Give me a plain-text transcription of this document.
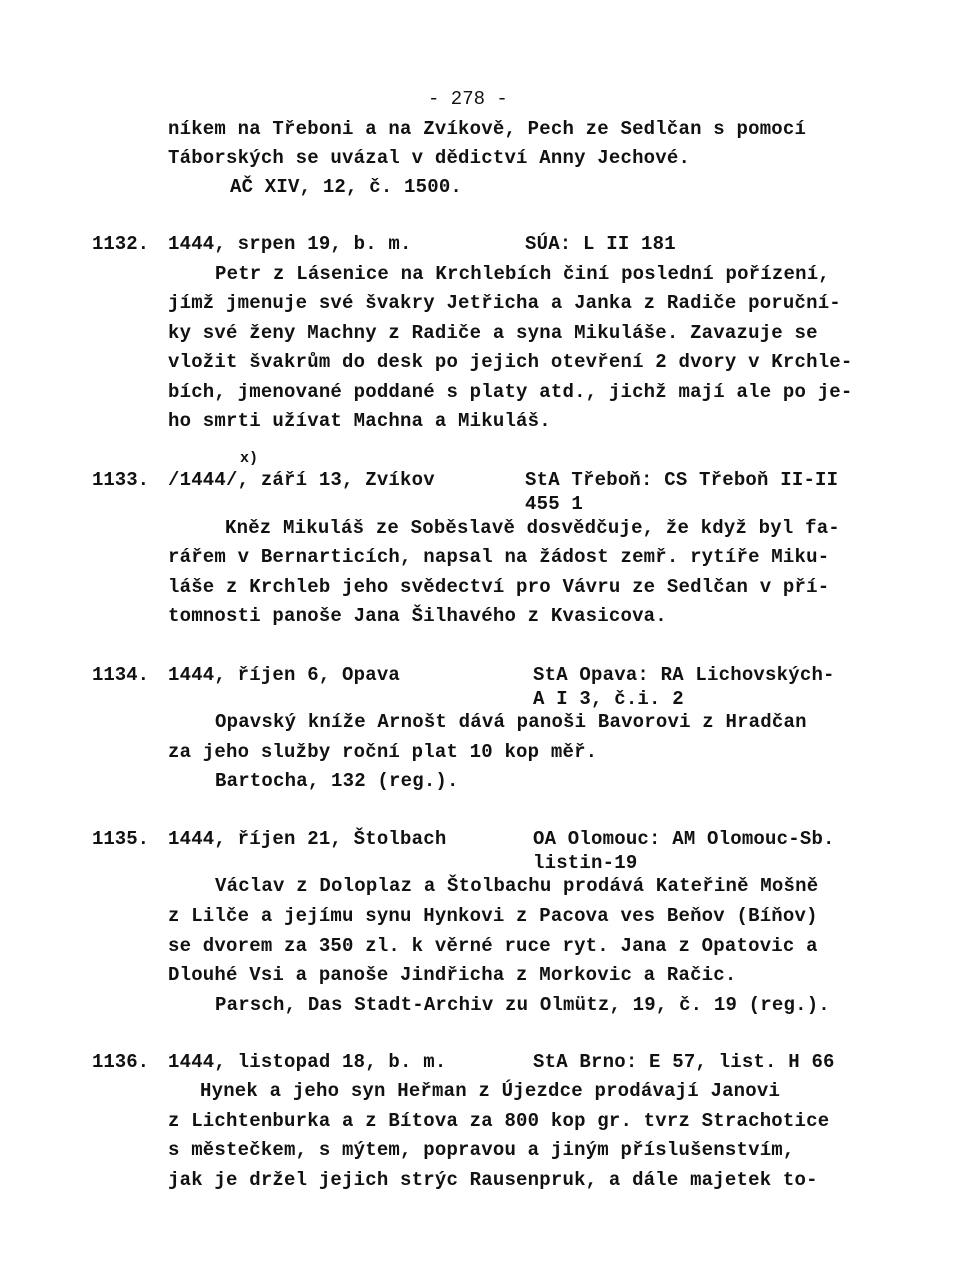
- 278 -
níkem na Třeboni a na Zvíkově, Pech ze Sedlčan s pomocí
Táborských se uvázal v dědictví Anny Jechové.
AČ XIV, 12, č. 1500.
1132. 1444, srpen 19, b. m.	SÚA: L II 181
Petr z Lásenice na Krchlebích činí poslední pořízení,
jímž jmenuje své švakry Jetřicha a Janka z Radiče poruční-
ky své ženy Machny z Radiče a syna Mikuláše. Zavazuje se
vložit švakrům do desk po jejich otevření 2 dvory v Krchle-
bích, jmenované poddané s platy atd., jichž mají ale po je-
ho smrti užívat Machna a Mikuláš.
x)
1133. /1444/, září 13, Zvíkov	StA Třeboň: CS Třeboň II-II
455 1
Kněz Mikuláš ze Soběslavě dosvědčuje, že když byl fa-
rářem v Bernarticích, napsal na žádost zemř. rytíře Miku-
láše z Krchleb jeho svědectví pro Vávru ze Sedlčan v pří-
tomnosti panoše Jana Šilhavého z Kvasicova.
1134. 1444, říjen 6, Opava	StA Opava: RA Lichovských-
A I 3, č.i. 2
Opavský kníže Arnošt dává panoši Bavorovi z Hradčan
za jeho služby roční plat 10 kop měř.
Bartocha, 132 (reg.).
1135. 1444, říjen 21, Štolbach	OA Olomouc: AM Olomouc-Sb.
listin-19
Václav z Doloplaz a Štolbachu prodává Kateřině Mošně
z Lilče a jejímu synu Hynkovi z Pacova ves Beňov (Bíňov)
se dvorem za 350 zl. k věrné ruce ryt. Jana z Opatovic a
Dlouhé Vsi a panoše Jindřicha z Morkovic a Račic.
Parsch, Das Stadt-Archiv zu Olmütz, 19, č. 19 (reg.).
1136. 1444, listopad 18, b. m.	StA Brno: E 57, list. H 66
Hynek a jeho syn Heřman z Újezdce prodávají Janovi
z Lichtenburka a z Bítova za 800 kop gr. tvrz Strachotice
s městečkem, s mýtem, popravou a jiným příslušenstvím,
jak je držel jejich strýc Rausenpruk, a dále majetek to-
